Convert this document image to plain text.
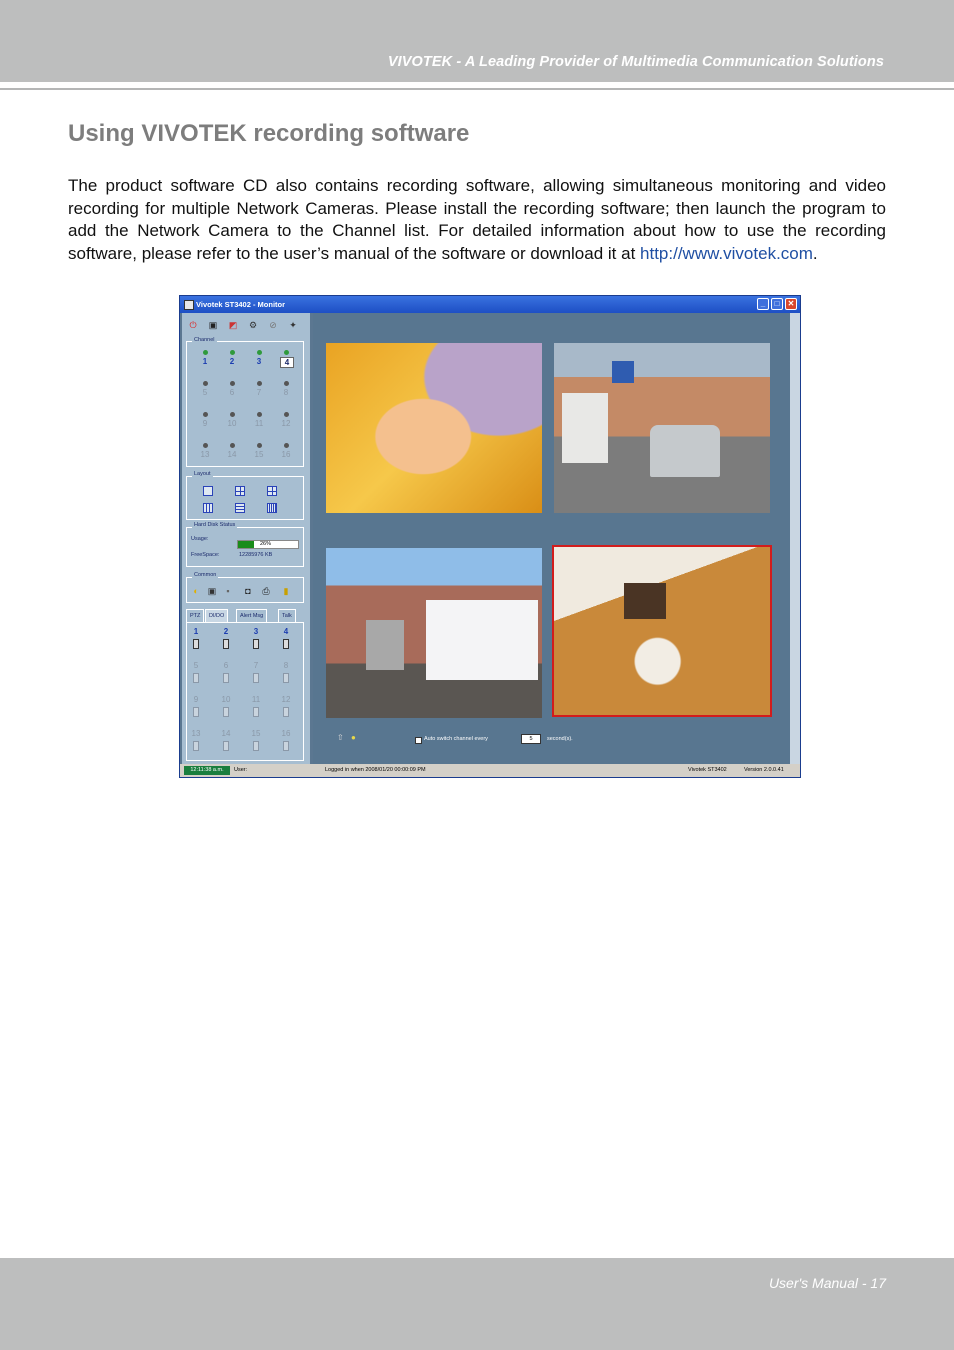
VIVOTEK - A Leading Provider of Multimedia Communication Solutions
Using VIVOTEK recording software

The product software CD also contains recording software, allowing simultaneous monitoring and video recording for multiple Network Cameras. Please install the recording software; then launch the program to add the Network Camera to the Channel list. For detailed information about how to use the recording software, please refer to the user’s manual of the software or download it at http://www.vivotek.com.

Vivotek ST3402 - Monitor	_	□	✕
⏻ ▣ ◩ ⚙ ⊘ ✦
1	2	3	4
5	6	7	8
9	10 11 12
13 14 15 16
Channel
Layout
Usage:
26%
FreeSpace:	12285976 KB
Hard Disk Status
◐ ▣	▪	◘ ⎙ ▮
Common
PTZ	DI/DO	Alert Msg	Talk
1	2	3	4
5	6	7	8
9	10	11	12
13	14	15	16	⇧ ●	Auto switch channel every	5	second(s).
12:11:38 a.m.	User:	Logged in when 2008/01/20 00:00:09 PM	Vivotek ST3402	Version 2.0.0.41
User's Manual - 17
